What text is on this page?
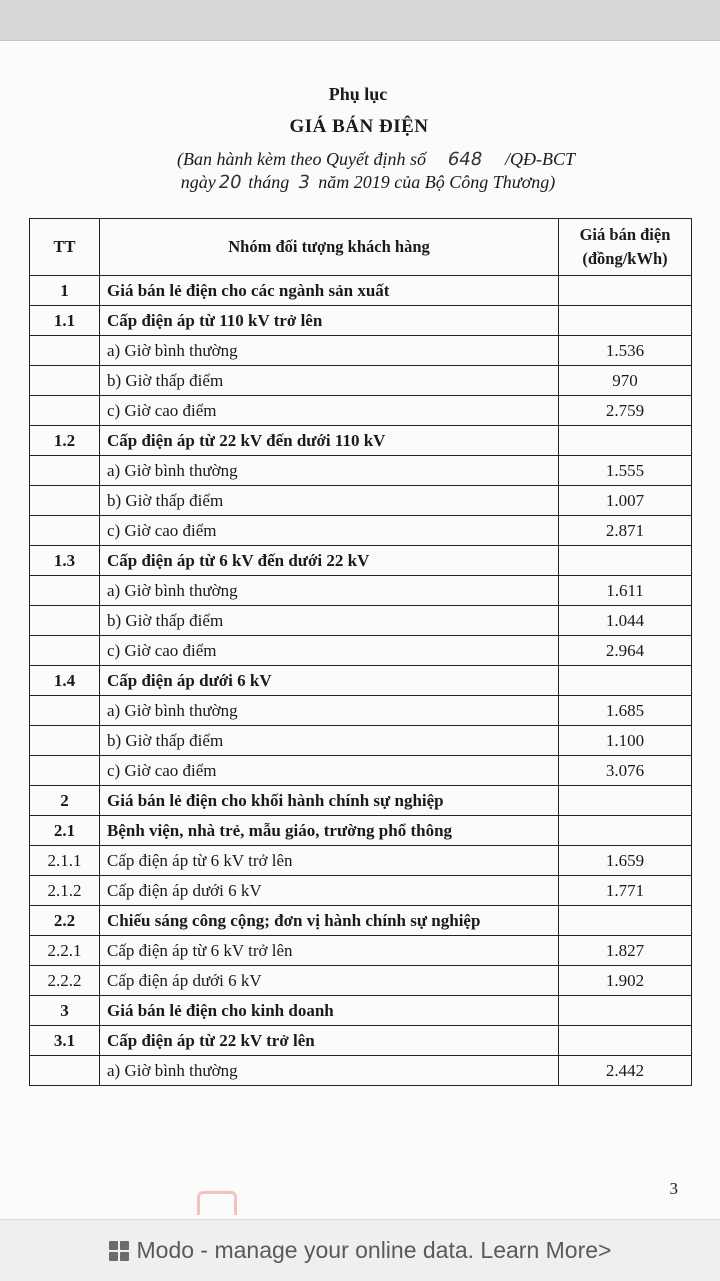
Phụ lục
GIÁ BÁN ĐIỆN
(Ban hành kèm theo Quyết định số 648 /QĐ-BCT
ngày20 tháng 3 năm 2019 của Bộ Công Thương)
TT	Nhóm đối tượng khách hàng	Giá bán điện
(đồng/kWh)
1	Giá bán lẻ điện cho các ngành sản xuất	
1.1	Cấp điện áp từ 110 kV trở lên	
	a) Giờ bình thường	1.536
	b) Giờ thấp điểm	970
	c) Giờ cao điểm	2.759
1.2	Cấp điện áp từ 22 kV đến dưới 110 kV	
	a) Giờ bình thường	1.555
	b) Giờ thấp điểm	1.007
	c) Giờ cao điểm	2.871
1.3	Cấp điện áp từ 6 kV đến dưới 22 kV	
	a) Giờ bình thường	1.611
	b) Giờ thấp điểm	1.044
	c) Giờ cao điểm	2.964
1.4	Cấp điện áp dưới 6 kV	
	a) Giờ bình thường	1.685
	b) Giờ thấp điểm	1.100
	c) Giờ cao điểm	3.076
2	Giá bán lẻ điện cho khối hành chính sự nghiệp	
2.1	Bệnh viện, nhà trẻ, mẫu giáo, trường phổ thông	
2.1.1	Cấp điện áp từ 6 kV trở lên	1.659
2.1.2	Cấp điện áp dưới 6 kV	1.771
2.2	Chiếu sáng công cộng; đơn vị hành chính sự nghiệp	
2.2.1	Cấp điện áp từ 6 kV trở lên	1.827
2.2.2	Cấp điện áp dưới 6 kV	1.902
3	Giá bán lẻ điện cho kinh doanh	
3.1	Cấp điện áp từ 22 kV trở lên	
	a) Giờ bình thường	2.442
3
Modo - manage your online data. Learn More>
